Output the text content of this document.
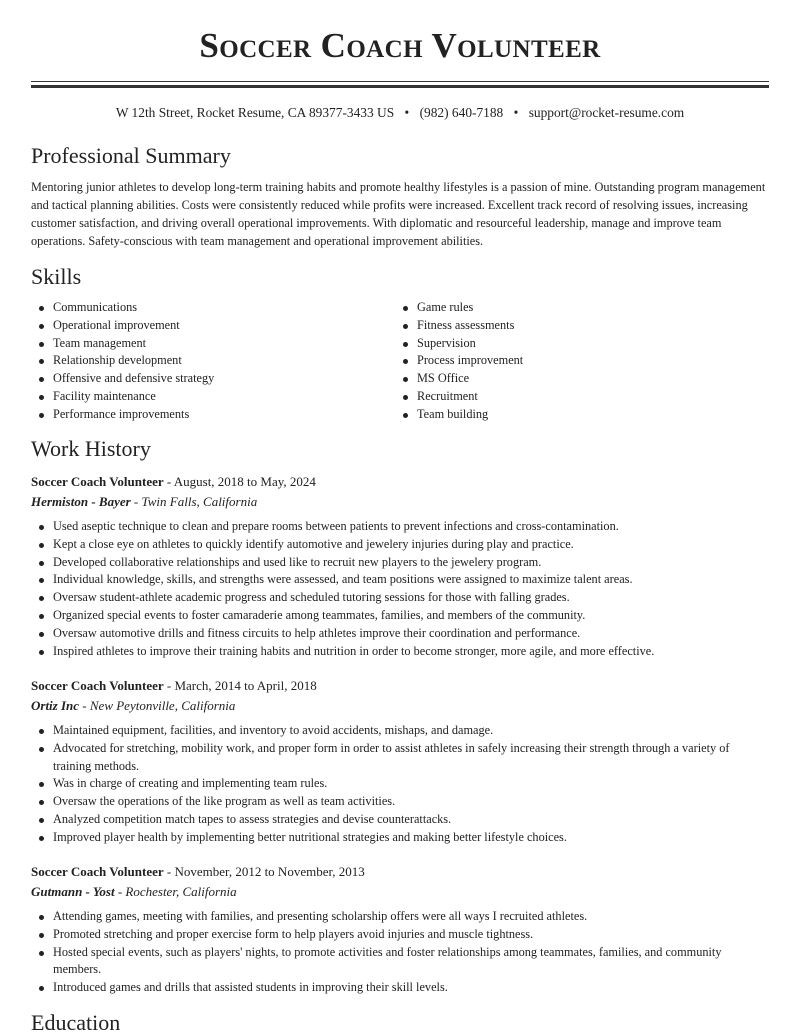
Soccer Coach Volunteer
W 12th Street, Rocket Resume, CA 89377-3433 US • (982) 640-7188 • support@rocket-resume.com
Professional Summary

Mentoring junior athletes to develop long-term training habits and promote healthy lifestyles is a passion of mine. Outstanding program management and tactical planning abilities. Costs were consistently reduced while profits were increased. Excellent track record of resolving issues, increasing customer satisfaction, and driving overall operational improvements. With diplomatic and resourceful leadership, manage and improve team operations. Safety-conscious with team management and operational improvement abilities.

Skills
Communications
Operational improvement
Team management
Relationship development
Offensive and defensive strategy
Facility maintenance
Performance improvements
Game rules
Fitness assessments
Supervision
Process improvement
MS Office
Recruitment
Team building
Work History
Soccer Coach Volunteer - August, 2018 to May, 2024
Hermiston - Bayer - Twin Falls, California
Used aseptic technique to clean and prepare rooms between patients to prevent infections and cross-contamination.
Kept a close eye on athletes to quickly identify automotive and jewelery injuries during play and practice.
Developed collaborative relationships and used like to recruit new players to the jewelery program.
Individual knowledge, skills, and strengths were assessed, and team positions were assigned to maximize talent areas.
Oversaw student-athlete academic progress and scheduled tutoring sessions for those with falling grades.
Organized special events to foster camaraderie among teammates, families, and members of the community.
Oversaw automotive drills and fitness circuits to help athletes improve their coordination and performance.
Inspired athletes to improve their training habits and nutrition in order to become stronger, more agile, and more effective.
Soccer Coach Volunteer - March, 2014 to April, 2018
Ortiz Inc - New Peytonville, California
Maintained equipment, facilities, and inventory to avoid accidents, mishaps, and damage.
Advocated for stretching, mobility work, and proper form in order to assist athletes in safely increasing their strength through a variety of training methods.
Was in charge of creating and implementing team rules.
Oversaw the operations of the like program as well as team activities.
Analyzed competition match tapes to assess strategies and devise counterattacks.
Improved player health by implementing better nutritional strategies and making better lifestyle choices.
Soccer Coach Volunteer - November, 2012 to November, 2013
Gutmann - Yost - Rochester, California
Attending games, meeting with families, and presenting scholarship offers were all ways I recruited athletes.
Promoted stretching and proper exercise form to help players avoid injuries and muscle tightness.
Hosted special events, such as players' nights, to promote activities and foster relationships among teammates, families, and community members.
Introduced games and drills that assisted students in improving their skill levels.
Education
